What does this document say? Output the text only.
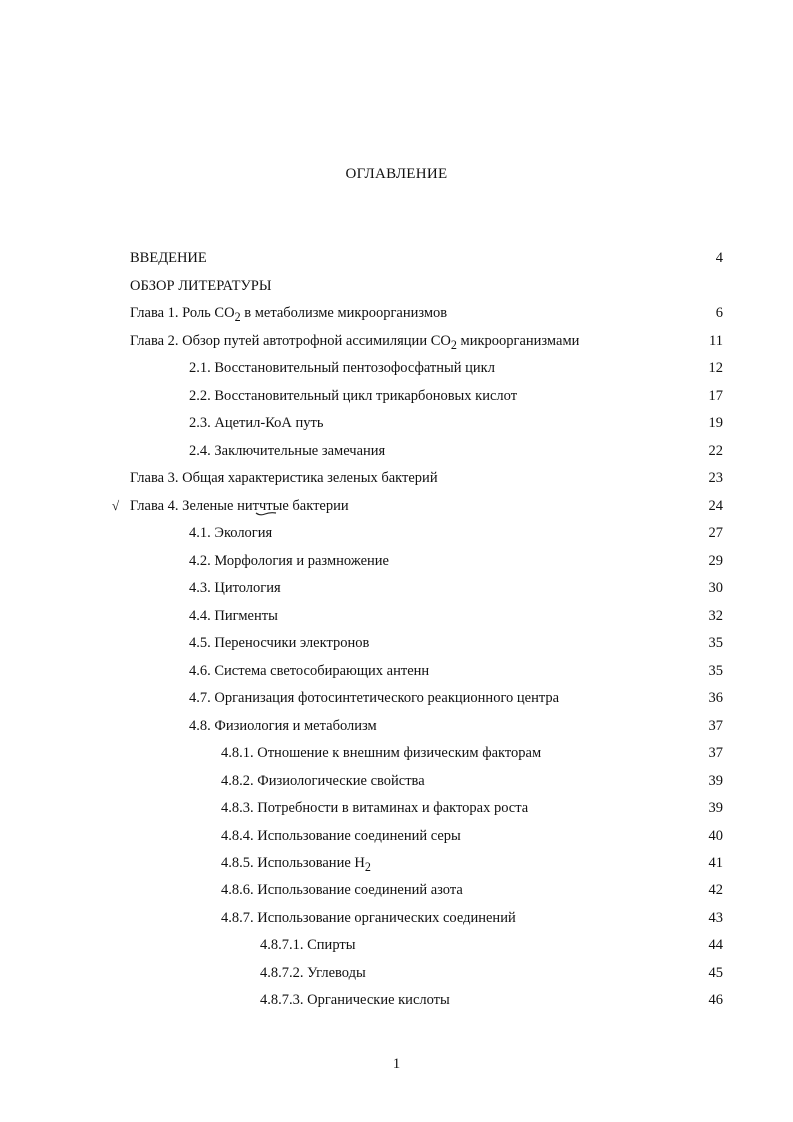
ОГЛАВЛЕНИЕ
ВВЕДЕНИЕ	4
ОБЗОР ЛИТЕРАТУРЫ
Глава 1. Роль $CO_2$ в метаболизме микроорганизмов	6
Глава 2. Обзор путей автотрофной ассимиляции $CO_2$ микроорганизмами	11
2.1. Восстановительный пентозофосфатный цикл	12
2.2. Восстановительный цикл трикарбоновых кислот	17
2.3. Ацетил-КоА путь	19
2.4. Заключительные замечания	22
Глава 3. Общая характеристика зеленых бактерий	23
√ Глава 4. Зеленые нитчтые бактерии	24
4.1. Экология	27
4.2. Морфология и размножение	29
4.3. Цитология	30
4.4. Пигменты	32
4.5. Переносчики электронов	35
4.6. Система светособирающих антенн	35
4.7. Организация фотосинтетического реакционного центра	36
4.8. Физиология и метаболизм	37
4.8.1. Отношение к внешним физическим факторам	37
4.8.2. Физиологические свойства	39
4.8.3. Потребности в витаминах и факторах роста	39
4.8.4. Использование соединений серы	40
4.8.5. Использование $H_2$	41
4.8.6. Использование соединений азота	42
4.8.7. Использование органических соединений	43
4.8.7.1. Спирты	44
4.8.7.2. Углеводы	45
4.8.7.3. Органические кислоты	46
1
